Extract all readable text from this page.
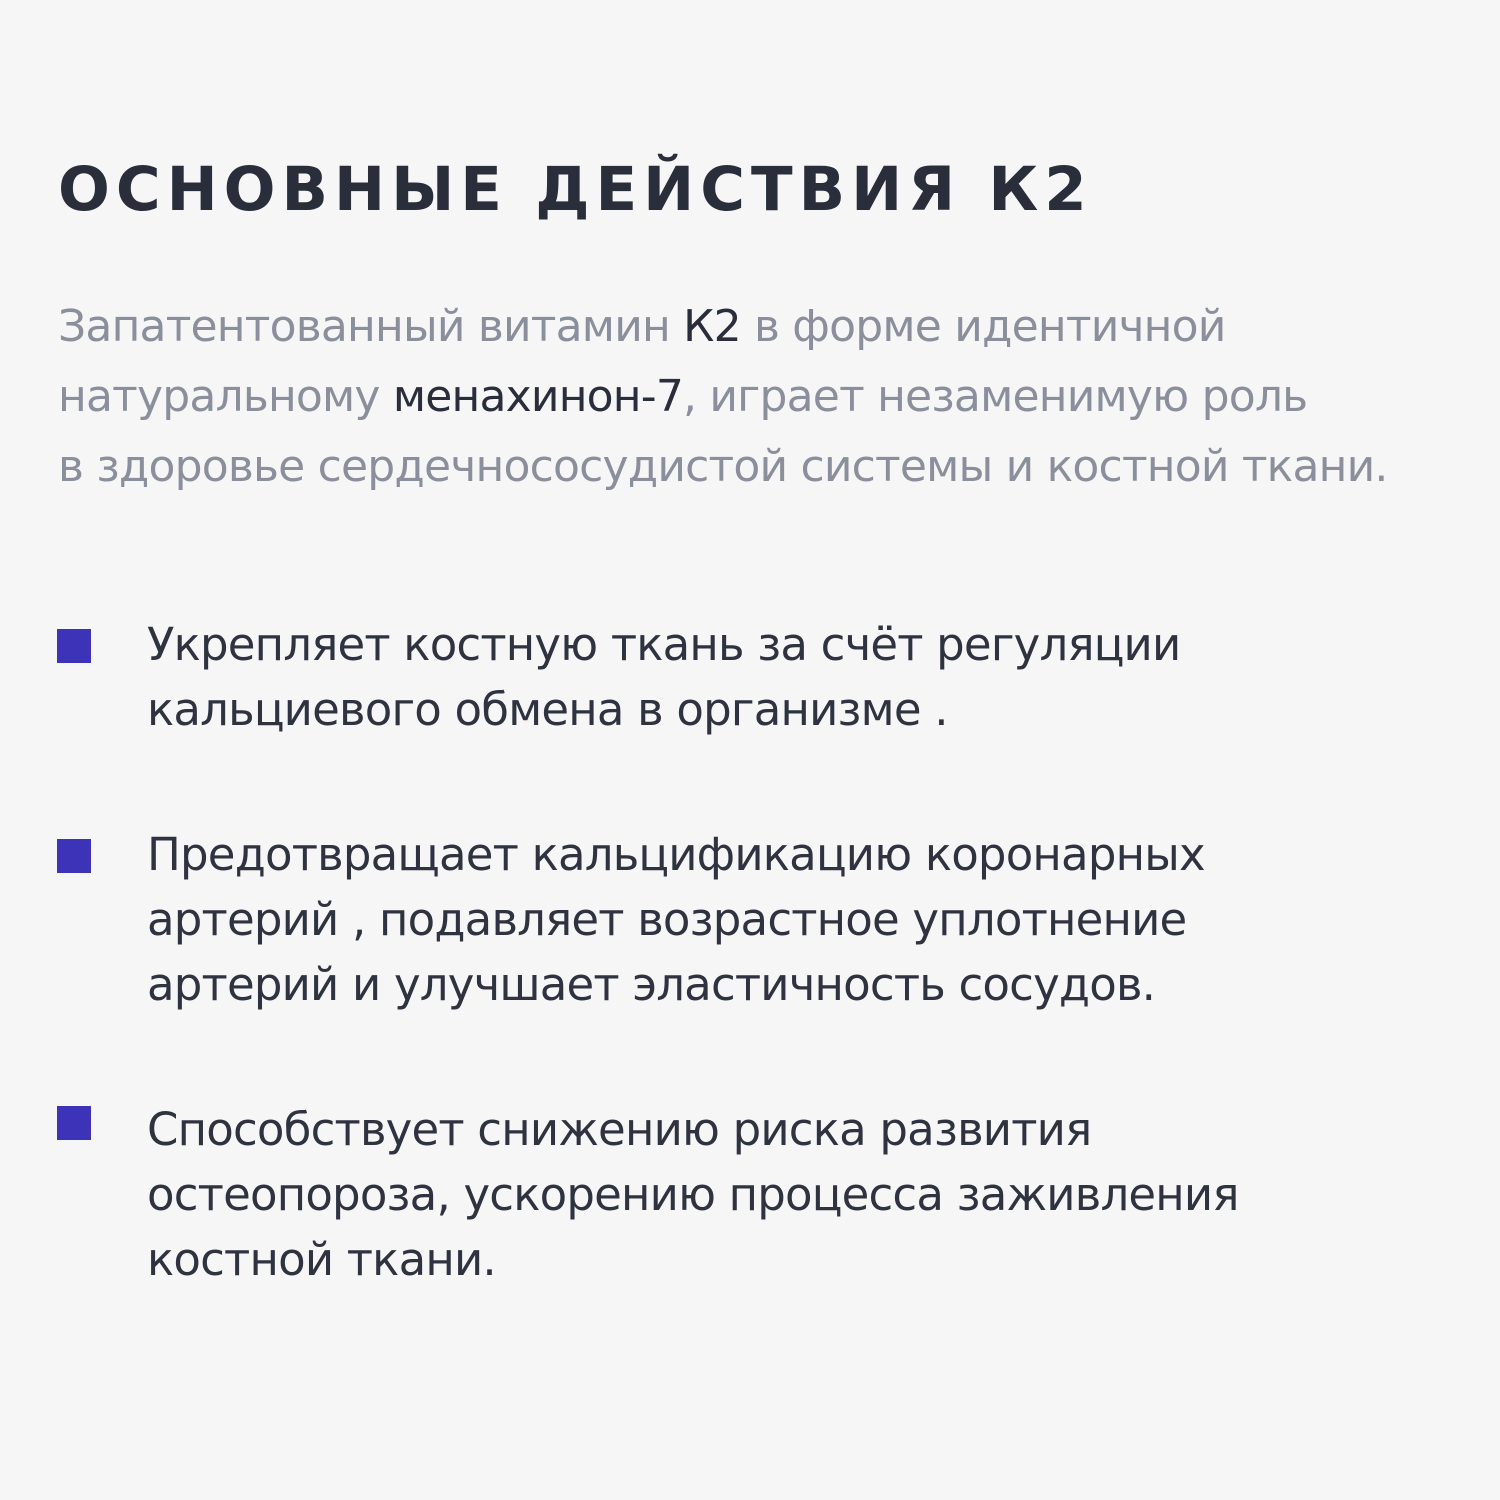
ОСНОВНЫЕ ДЕЙСТВИЯ К2

Запатентованный витамин К2 в форме идентичной
натуральному менахинон-7, играет незаменимую роль
в здоровье сердечнососудистой системы и костной ткани.

Укрепляет костную ткань за счёт регуляции
кальциевого обмена в организме .

Предотвращает кальцификацию коронарных
артерий , подавляет возрастное уплотнение
артерий и улучшает эластичность сосудов.

Способствует снижению риска развития
остеопороза, ускорению процесса заживления
костной ткани.
